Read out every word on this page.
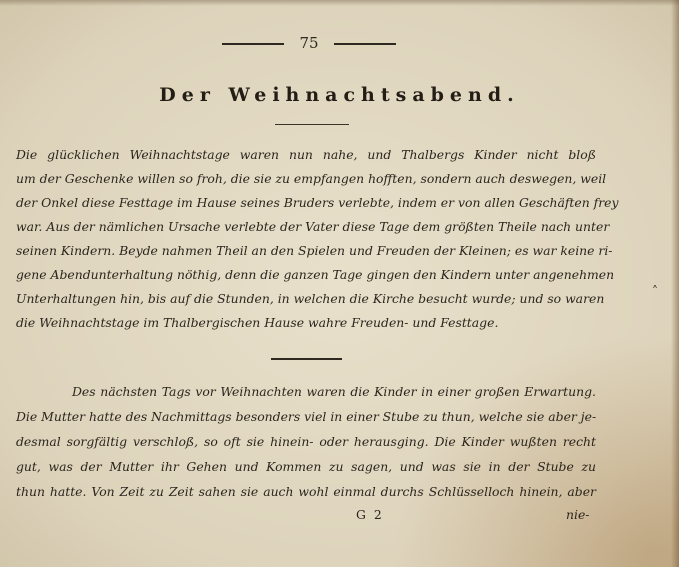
75
Der Weihnachtsabend.
Die glücklichen Weihnachtstage waren nun nahe, und Thalbergs Kinder nicht bloß
um der Geschenke willen so froh, die sie zu empfangen hofften, sondern auch deswegen, weil
der Onkel diese Festtage im Hause seines Bruders verlebte, indem er von allen Geschäften frey
war. Aus der nämlichen Ursache verlebte der Vater diese Tage dem größten Theile nach unter
seinen Kindern. Beyde nahmen Theil an den Spielen und Freuden der Kleinen; es war keine ri-
gene Abendunterhaltung nöthig, denn die ganzen Tage gingen den Kindern unter angenehmen
Unterhaltungen hin, bis auf die Stunden, in welchen die Kirche besucht wurde; und so waren
die Weihnachtstage im Thalbergischen Hause wahre Freuden- und Festtage.
˄
Des nächsten Tags vor Weihnachten waren die Kinder in einer großen Erwartung.
Die Mutter hatte des Nachmittags besonders viel in einer Stube zu thun, welche sie aber je-
desmal sorgfältig verschloß, so oft sie hinein- oder herausging. Die Kinder wußten recht
gut, was der Mutter ihr Gehen und Kommen zu sagen, und was sie in der Stube zu
thun hatte. Von Zeit zu Zeit sahen sie auch wohl einmal durchs Schlüsselloch hinein, aber
G 2	nie-
